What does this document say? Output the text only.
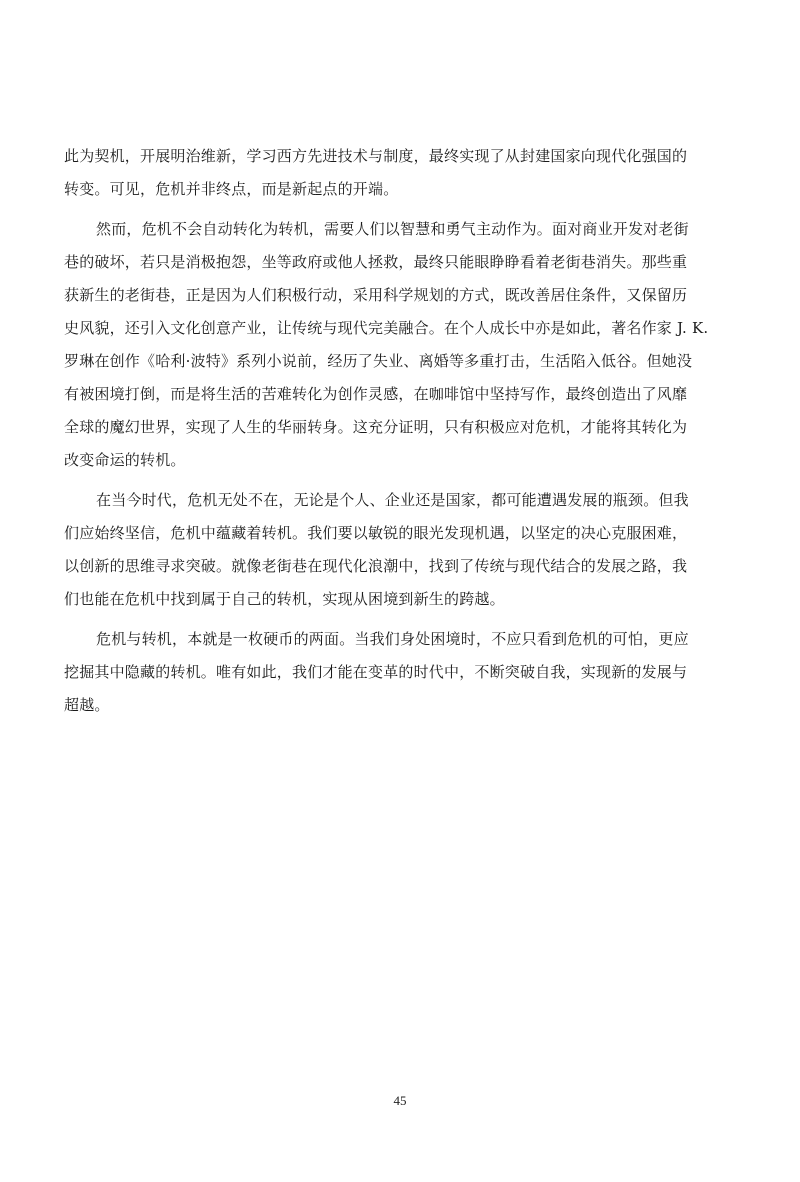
此为契机，开展明治维新，学习西方先进技术与制度，最终实现了从封建国家向现代化强国的
转变。可见，危机并非终点，而是新起点的开端。
然而，危机不会自动转化为转机，需要人们以智慧和勇气主动作为。面对商业开发对老街
巷的破坏，若只是消极抱怨，坐等政府或他人拯救，最终只能眼睁睁看着老街巷消失。那些重
获新生的老街巷，正是因为人们积极行动，采用科学规划的方式，既改善居住条件，又保留历
史风貌，还引入文化创意产业，让传统与现代完美融合。在个人成长中亦是如此，著名作家 J. K.
罗琳在创作《哈利·波特》系列小说前，经历了失业、离婚等多重打击，生活陷入低谷。但她没
有被困境打倒，而是将生活的苦难转化为创作灵感，在咖啡馆中坚持写作，最终创造出了风靡
全球的魔幻世界，实现了人生的华丽转身。这充分证明，只有积极应对危机，才能将其转化为
改变命运的转机。
在当今时代，危机无处不在，无论是个人、企业还是国家，都可能遭遇发展的瓶颈。但我
们应始终坚信，危机中蕴藏着转机。我们要以敏锐的眼光发现机遇，以坚定的决心克服困难，
以创新的思维寻求突破。就像老街巷在现代化浪潮中，找到了传统与现代结合的发展之路，我
们也能在危机中找到属于自己的转机，实现从困境到新生的跨越。
危机与转机，本就是一枚硬币的两面。当我们身处困境时，不应只看到危机的可怕，更应
挖掘其中隐藏的转机。唯有如此，我们才能在变革的时代中，不断突破自我，实现新的发展与
超越。
45
